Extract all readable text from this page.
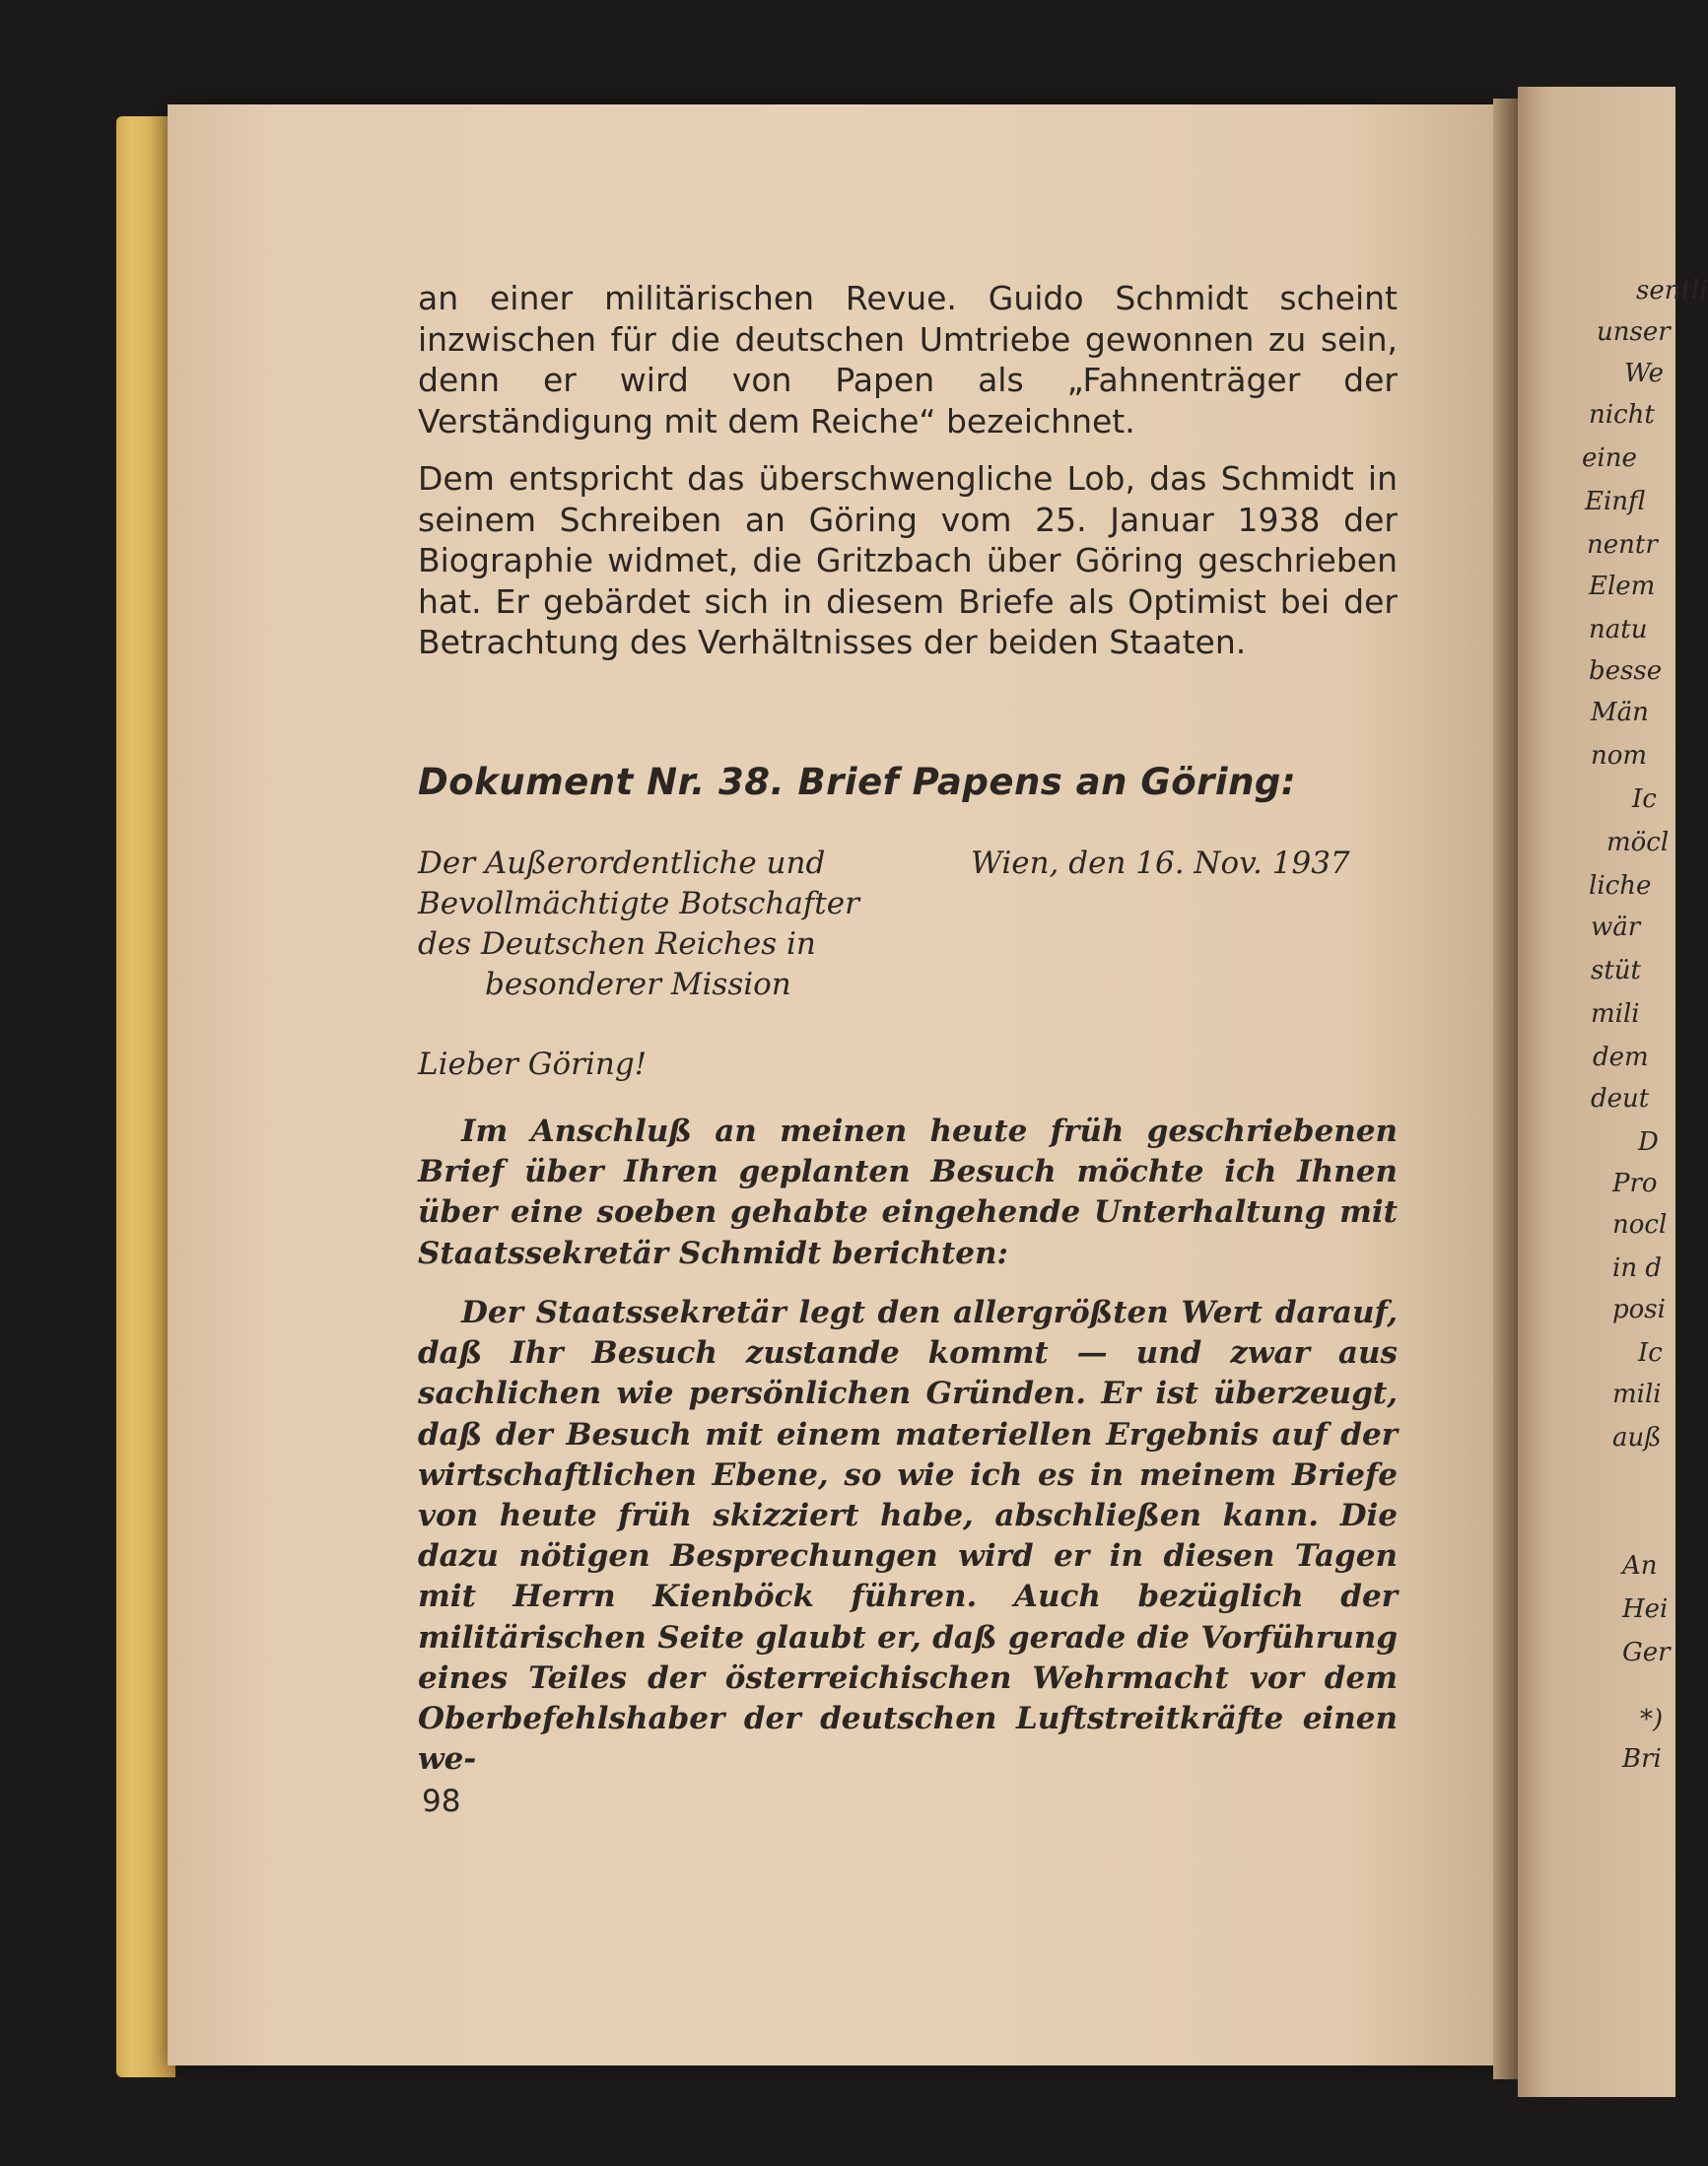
an einer militärischen Revue. Guido Schmidt scheint inzwischen für die deutschen Umtriebe gewonnen zu sein, denn er wird von Papen als „Fahnenträger der Verständigung mit dem Reiche“ bezeichnet.

Dem entspricht das überschwengliche Lob, das Schmidt in seinem Schreiben an Göring vom 25. Januar 1938 der Biographie widmet, die Gritzbach über Göring geschrieben hat. Er gebärdet sich in diesem Briefe als Optimist bei der Betrachtung des Verhältnisses der beiden Staaten.

Dokument Nr. 38. Brief Papens an Göring:

Der Außerordentliche und
Bevollmächtigte Botschafter
des Deutschen Reiches in
besonderer Mission
Wien, den 16. Nov. 1937
Lieber Göring!

Im Anschluß an meinen heute früh geschriebenen Brief über Ihren geplanten Besuch möchte ich Ihnen über eine soeben gehabte eingehende Unterhaltung mit Staatssekretär Schmidt berichten:

Der Staatssekretär legt den allergrößten Wert darauf, daß Ihr Besuch zustande kommt — und zwar aus sachlichen wie persönlichen Gründen. Er ist überzeugt, daß der Besuch mit einem materiellen Ergebnis auf der wirtschaftlichen Ebene, so wie ich es in meinem Briefe von heute früh skizziert habe, abschließen kann. Die dazu nötigen Besprechungen wird er in diesen Tagen mit Herrn Kienböck führen. Auch bezüglich der militärischen Seite glaubt er, daß gerade die Vorführung eines Teiles der österreichischen Wehrmacht vor dem Oberbefehlshaber der deutschen Luftstreitkräfte einen we-

98
sentli
unser
We
nicht
eine
Einfl
nentr
Elem
natu
besse
Män
nom
Ic
möcl
liche
wär
stüt
mili
dem
deut
D
Pro
nocl
in d
posi
Ic
mili
auß
An
Hei
Ger
*)
Bri
